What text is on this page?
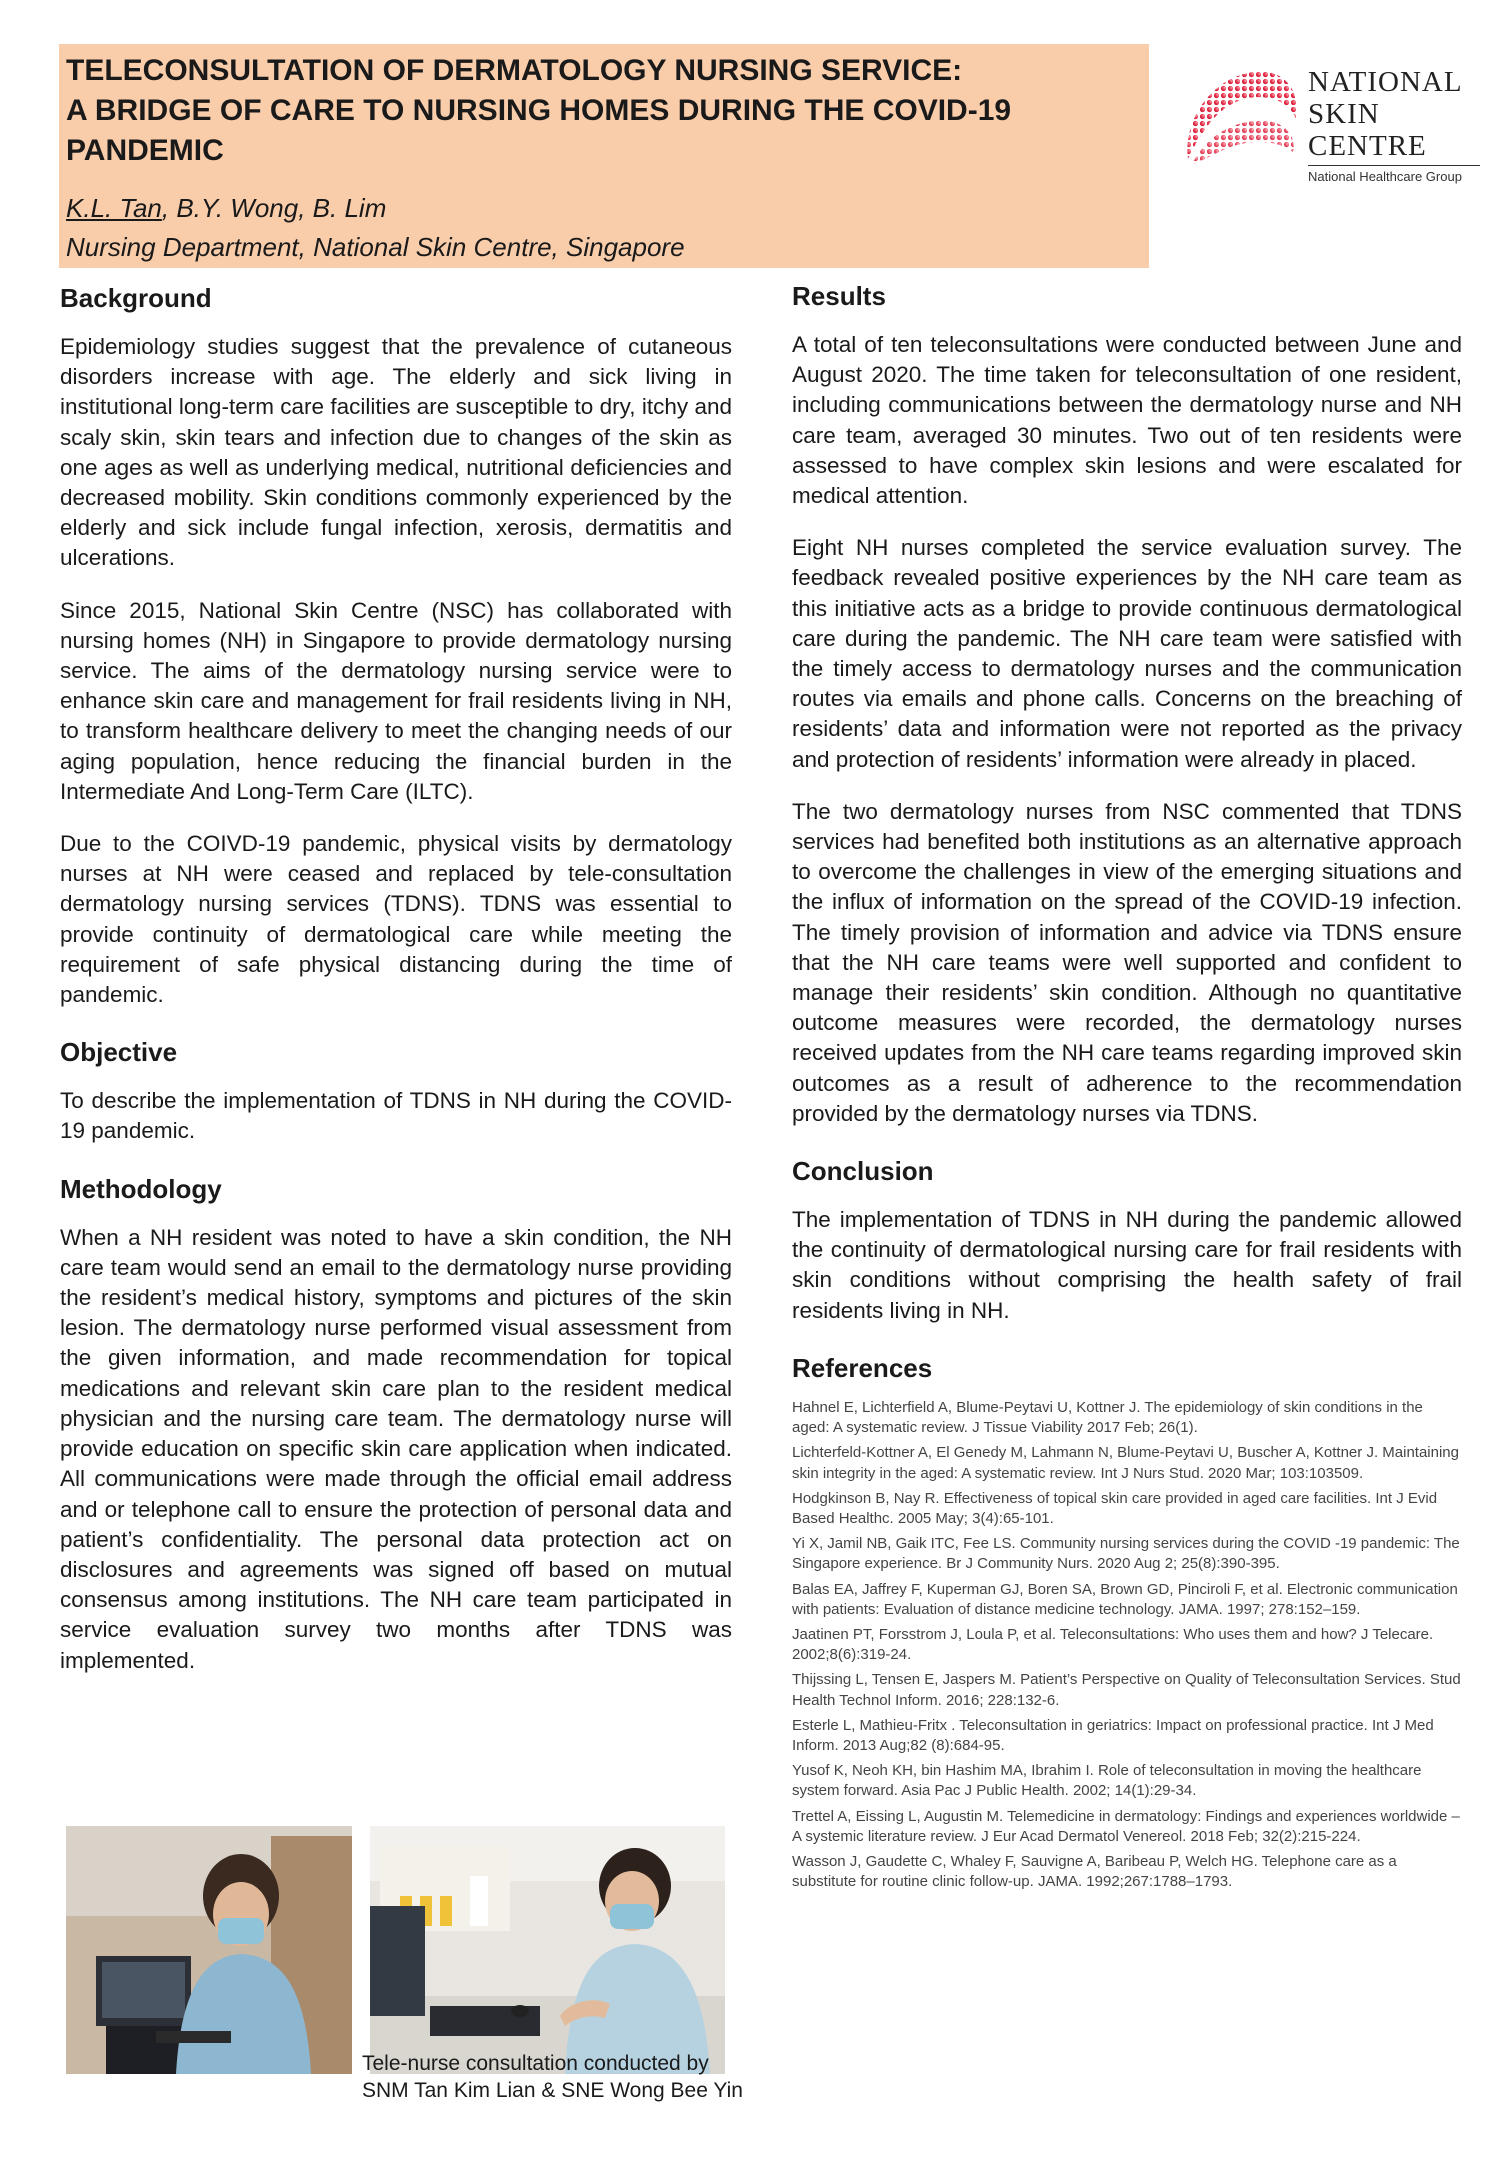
TELECONSULTATION OF DERMATOLOGY NURSING SERVICE:
A BRIDGE OF CARE TO NURSING HOMES DURING THE COVID-19
PANDEMIC

K.L. Tan, B.Y. Wong, B. Lim

Nursing Department, National Skin Centre, Singapore

NATIONAL
SKIN
CENTRE
National Healthcare Group
Background

Epidemiology studies suggest that the prevalence of cutaneous disorders increase with age. The elderly and sick living in institutional long-term care facilities are susceptible to dry, itchy and scaly skin, skin tears and infection due to changes of the skin as one ages as well as underlying medical, nutritional deficiencies and decreased mobility. Skin conditions commonly experienced by the elderly and sick include fungal infection, xerosis, dermatitis and ulcerations.

Since 2015, National Skin Centre (NSC) has collaborated with nursing homes (NH) in Singapore to provide dermatology nursing service. The aims of the dermatology nursing service were to enhance skin care and management for frail residents living in NH, to transform healthcare delivery to meet the changing needs of our aging population, hence reducing the financial burden in the Intermediate And Long-Term Care (ILTC).

Due to the COIVD-19 pandemic, physical visits by dermatology nurses at NH were ceased and replaced by tele-consultation dermatology nursing services (TDNS). TDNS was essential to provide continuity of dermatological care while meeting the requirement of safe physical distancing during the time of pandemic.

Objective

To describe the implementation of TDNS in NH during the COVID-19 pandemic.

Methodology

When a NH resident was noted to have a skin condition, the NH care team would send an email to the dermatology nurse providing the resident’s medical history, symptoms and pictures of the skin lesion. The dermatology nurse performed visual assessment from the given information, and made recommendation for topical medications and relevant skin care plan to the resident medical physician and the nursing care team. The dermatology nurse will provide education on specific skin care application when indicated. All communications were made through the official email address and or telephone call to ensure the protection of personal data and patient’s confidentiality. The personal data protection act on disclosures and agreements was signed off based on mutual consensus among institutions. The NH care team participated in service evaluation survey two months after TDNS was implemented.

Tele-nurse consultation conducted by
SNM Tan Kim Lian & SNE Wong Bee Yin
Results

A total of ten teleconsultations were conducted between June and August 2020. The time taken for teleconsultation of one resident, including communications between the dermatology nurse and NH care team, averaged 30 minutes. Two out of ten residents were assessed to have complex skin lesions and were escalated for medical attention.

Eight NH nurses completed the service evaluation survey. The feedback revealed positive experiences by the NH care team as this initiative acts as a bridge to provide continuous dermatological care during the pandemic. The NH care team were satisfied with the timely access to dermatology nurses and the communication routes via emails and phone calls. Concerns on the breaching of residents’ data and information were not reported as the privacy and protection of residents’ information were already in placed.

The two dermatology nurses from NSC commented that TDNS services had benefited both institutions as an alternative approach to overcome the challenges in view of the emerging situations and the influx of information on the spread of the COVID-19 infection. The timely provision of information and advice via TDNS ensure that the NH care teams were well supported and confident to manage their residents’ skin condition. Although no quantitative outcome measures were recorded, the dermatology nurses received updates from the NH care teams regarding improved skin outcomes as a result of adherence to the recommendation provided by the dermatology nurses via TDNS.

Conclusion

The implementation of TDNS in NH during the pandemic allowed the continuity of dermatological nursing care for frail residents with skin conditions without comprising the health safety of frail residents living in NH.

References

Hahnel E, Lichterfield A, Blume-Peytavi U, Kottner J. The epidemiology of skin conditions in the aged: A systematic review. J Tissue Viability 2017 Feb; 26(1).

Lichterfeld-Kottner A, El Genedy M, Lahmann N, Blume-Peytavi U, Buscher A, Kottner J. Maintaining skin integrity in the aged: A systematic review. Int J Nurs Stud. 2020 Mar; 103:103509.

Hodgkinson B, Nay R. Effectiveness of topical skin care provided in aged care facilities. Int J Evid Based Healthc. 2005 May; 3(4):65-101.

Yi X, Jamil NB, Gaik ITC, Fee LS. Community nursing services during the COVID -19 pandemic: The Singapore experience. Br J Community Nurs. 2020 Aug 2; 25(8):390-395.

Balas EA, Jaffrey F, Kuperman GJ, Boren SA, Brown GD, Pinciroli F, et al. Electronic communication with patients: Evaluation of distance medicine technology. JAMA. 1997; 278:152–159.

Jaatinen PT, Forsstrom J, Loula P, et al. Teleconsultations: Who uses them and how? J Telecare. 2002;8(6):319-24.

Thijssing L, Tensen E, Jaspers M. Patient’s Perspective on Quality of Teleconsultation Services. Stud Health Technol Inform. 2016; 228:132-6.

Esterle L, Mathieu-Fritx . Teleconsultation in geriatrics: Impact on professional practice. Int J Med Inform. 2013 Aug;82 (8):684-95.

Yusof K, Neoh KH, bin Hashim MA, Ibrahim I. Role of teleconsultation in moving the healthcare system forward. Asia Pac J Public Health. 2002; 14(1):29-34.

Trettel A, Eissing L, Augustin M. Telemedicine in dermatology: Findings and experiences worldwide – A systemic literature review. J Eur Acad Dermatol Venereol. 2018 Feb; 32(2):215-224.

Wasson J, Gaudette C, Whaley F, Sauvigne A, Baribeau P, Welch HG. Telephone care as a substitute for routine clinic follow-up. JAMA. 1992;267:1788–1793.
